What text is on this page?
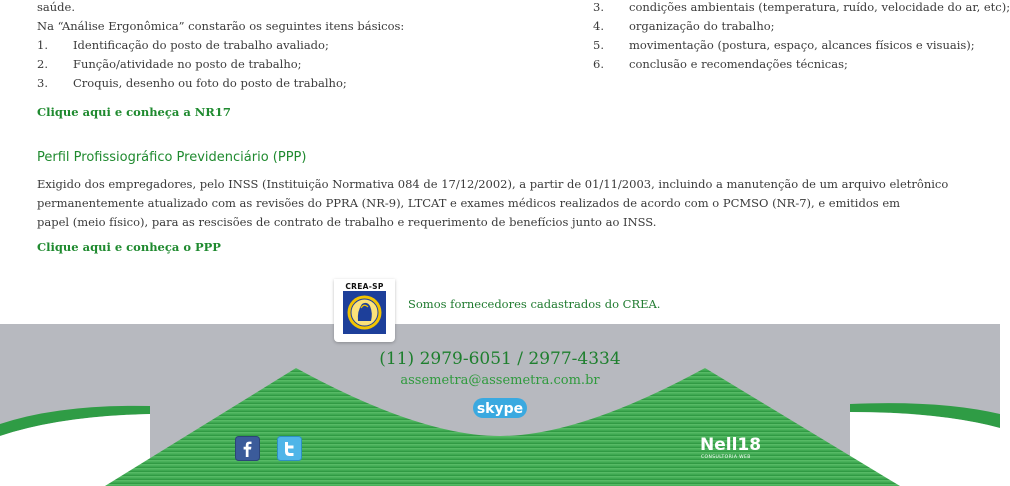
saúde.
Na “Análise Ergonômica” constarão os seguintes itens básicos:
1. Identificação do posto de trabalho avaliado;
2. Função/atividade no posto de trabalho;
3. Croquis, desenho ou foto do posto de trabalho;
3. condições ambientais (temperatura, ruído, velocidade do ar, etc);
4. organização do trabalho;
5. movimentação (postura, espaço, alcances físicos e visuais);
6. conclusão e recomendações técnicas;
Clique aqui e conheça a NR17
Perfil Profissiográfico Previdenciário (PPP)
Exigido dos empregadores, pelo INSS (Instituição Normativa 084 de 17/12/2002), a partir de 01/11/2003, incluindo a manutenção de um arquivo eletrônico
permanentemente atualizado com as revisões do PPRA (NR-9), LTCAT e exames médicos realizados de acordo com o PCMSO (NR-7), e emitidos em
papel (meio físico), para as rescisões de contrato de trabalho e requerimento de benefícios junto ao INSS.
Clique aqui e conheça o PPP
CREA-SP
Somos fornecedores cadastrados do CREA.
(11) 2979-6051 / 2977-4334
assemetra@assemetra.com.br
skype
Nell18
CONSULTORIA WEB
